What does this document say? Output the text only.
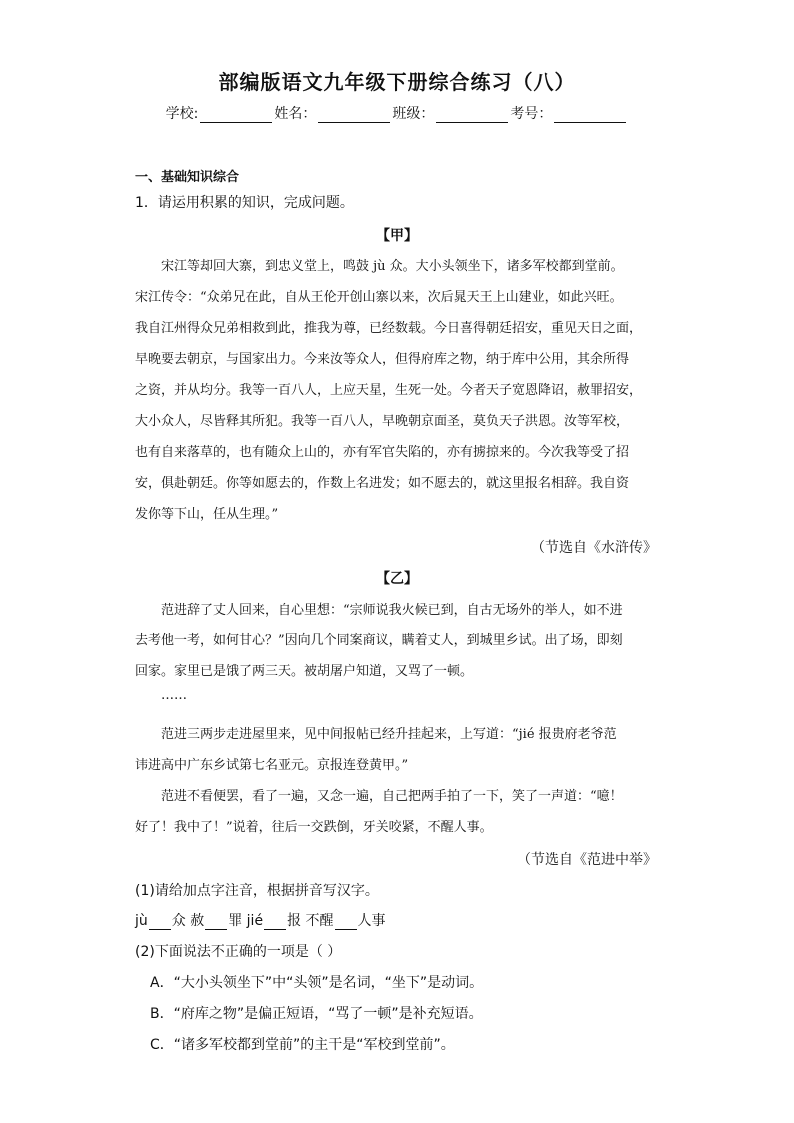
部编版语文九年级下册综合练习（八）
学校:	姓名：	班级：	考号：
一、基础知识综合
1．请运用积累的知识，完成问题。
【甲】
宋江等却回大寨，到忠义堂上，鸣鼓 jù 众。大小头领坐下，诸多军校都到堂前。
宋江传令：“众弟兄在此，自从王伦开创山寨以来，次后晁天王上山建业，如此兴旺。
我自江州得众兄弟相救到此，推我为尊，已经数载。今日喜得朝廷招安，重见天日之面，
早晚要去朝京，与国家出力。今来汝等众人，但得府库之物，纳于库中公用，其余所得
之资，并从均分。我等一百八人，上应天星，生死一处。今者天子宽恩降诏，赦罪招安，
大小众人，尽皆释其所犯。我等一百八人，早晚朝京面圣，莫负天子洪恩。汝等军校，
也有自来落草的，也有随众上山的，亦有军官失陷的，亦有掳掠来的。今次我等受了招
安，俱赴朝廷。你等如愿去的，作数上名进发；如不愿去的，就这里报名相辞。我自资
发你等下山，任从生理。”
（节选自《水浒传》
【乙】
范进辞了丈人回来，自心里想：“宗师说我火候已到，自古无场外的举人，如不进
去考他一考，如何甘心？”因向几个同案商议，瞒着丈人，到城里乡试。出了场，即刻
回家。家里已是饿了两三天。被胡屠户知道，又骂了一顿。
……
范进三两步走进屋里来，见中间报帖已经升挂起来，上写道：“jié 报贵府老爷范
讳进高中广东乡试第七名亚元。京报连登黄甲。”
范进不看便罢，看了一遍，又念一遍，自己把两手拍了一下，笑了一声道：“噫！
好了！我中了！”说着，往后一交跌倒，牙关咬紧，不醒人事。
（节选自《范进中举》
(1)请给加点字注音，根据拼音写汉字。
jù 众 赦 罪 jié 报 不醒 人事
(2)下面说法不正确的一项是（ ）
A．“大小头领坐下”中“头领”是名词，“坐下”是动词。
B．“府库之物”是偏正短语，“骂了一顿”是补充短语。
C．“诸多军校都到堂前”的主干是“军校到堂前”。
